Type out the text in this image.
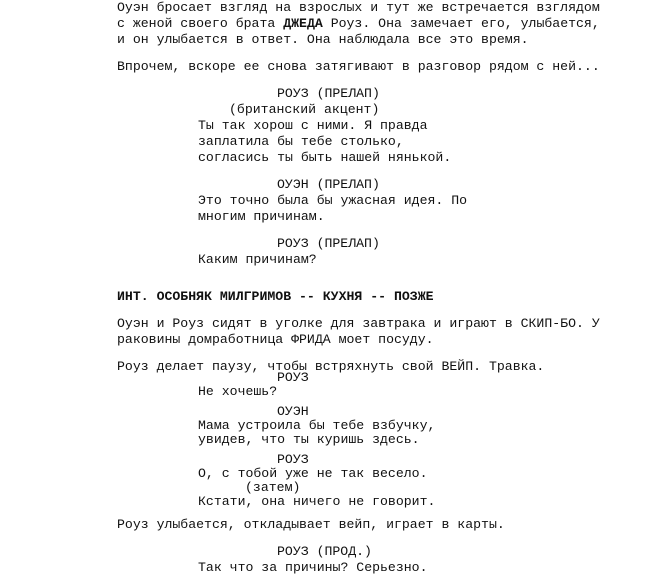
Оуэн бросает взгляд на взрослых и тут же встречается взглядом
с женой своего брата ДЖЕДА Роуз. Она замечает его, улыбается,
и он улыбается в ответ. Она наблюдала все это время.
Впрочем, вскоре ее снова затягивают в разговор рядом с ней...
РОУЗ (ПРЕЛАП)
(британский акцент)
Ты так хорош с ними. Я правда
заплатила бы тебе столько,
согласись ты быть нашей нянькой.
ОУЭН (ПРЕЛАП)
Это точно была бы ужасная идея. По
многим причинам.
РОУЗ (ПРЕЛАП)
Каким причинам?
ИНТ. ОСОБНЯК МИЛГРИМОВ -- КУХНЯ -- ПОЗЖЕ
Оуэн и Роуз сидят в уголке для завтрака и играют в СКИП-БО. У
раковины домработница ФРИДА моет посуду.
Роуз делает паузу, чтобы встряхнуть свой ВЕЙП. Травка.
РОУЗ
Не хочешь?
ОУЭН
Мама устроила бы тебе взбучку,
увидев, что ты куришь здесь.
РОУЗ
О, с тобой уже не так весело.
(затем)
Кстати, она ничего не говорит.
Роуз улыбается, откладывает вейп, играет в карты.
РОУЗ (ПРОД.)
Так что за причины? Серьезно.
